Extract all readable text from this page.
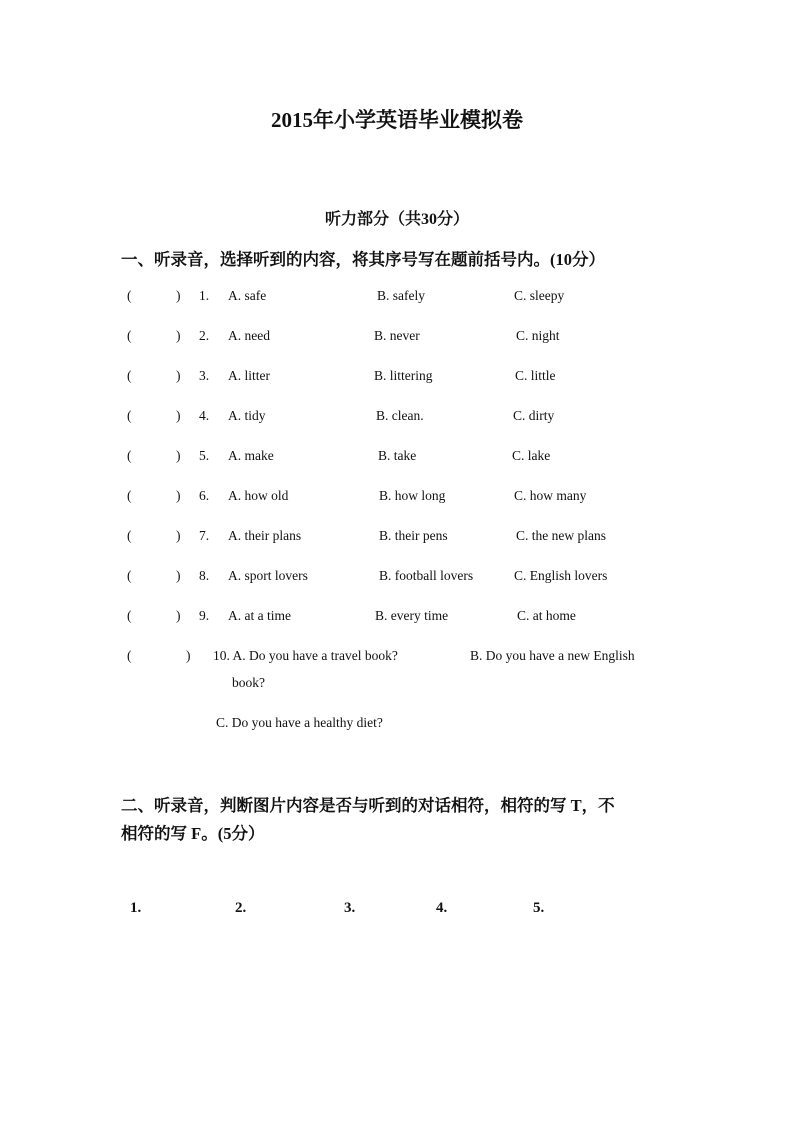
2015年小学英语毕业模拟卷
听力部分（共30分）
一、听录音，选择听到的内容，将其序号写在题前括号内。(10分）
(	) 1. A. safe	B. safely	C. sleepy
(	) 2. A. need	B. never	C. night
(	) 3. A. litter	B. littering	C. little
(	) 4. A. tidy	B. clean.	C. dirty
(	) 5. A. make	B. take	C. lake
(	) 6. A. how old	B. how long	C. how many
(	) 7. A. their plans	B. their pens	C. the new plans
(	) 8. A. sport lovers	B. football lovers	C. English lovers
(	) 9. A. at a time	B. every time	C. at home
(	) 10. A. Do you have a travel book?	B. Do you have a new English
book?
C. Do you have a healthy diet?
二、听录音，判断图片内容是否与听到的对话相符，相符的写 T，不
相符的写 F。(5分）
1.	2.	3.	4.	5.
